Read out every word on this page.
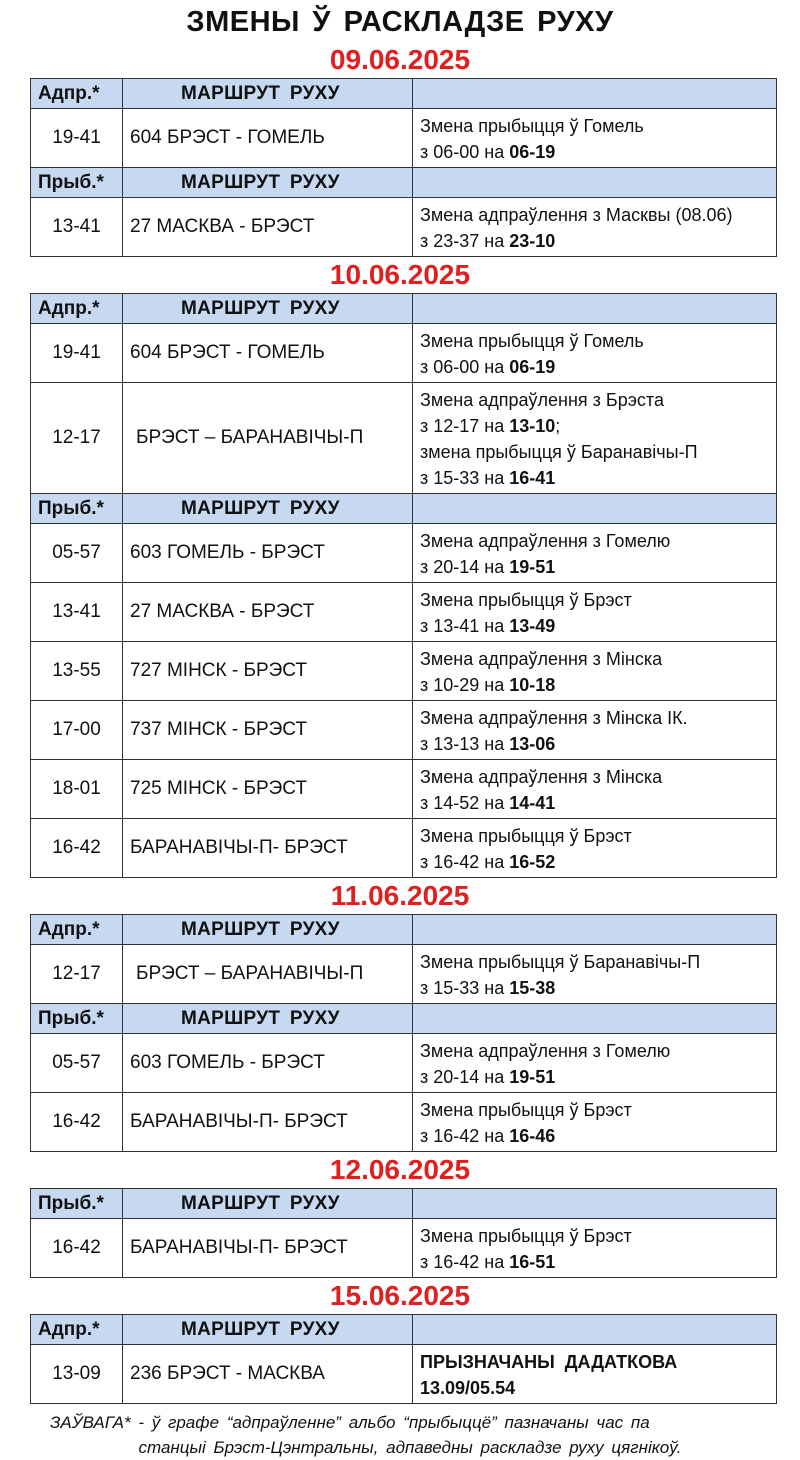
ЗМЕНЫ Ў РАСКЛАДЗЕ РУХУ
09.06.2025
Адпр.*	МАРШРУТ РУХУ	
19-41	604 БРЭСТ - ГОМЕЛЬ	Змена прыбыцця ў Гомель
з 06-00 на 06-19
Прыб.*	МАРШРУТ РУХУ	
13-41	27 МАСКВА - БРЭСТ	Змена адпраўлення з Масквы (08.06)
з 23-37 на 23-10
10.06.2025
Адпр.*	МАРШРУТ РУХУ	
19-41	604 БРЭСТ - ГОМЕЛЬ	Змена прыбыцця ў Гомель
з 06-00 на 06-19
12-17	БРЭСТ – БАРАНАВІЧЫ-П	Змена адпраўлення з Брэста
з 12-17 на 13-10;
змена прыбыцця ў Баранавічы-П
з 15-33 на 16-41
Прыб.*	МАРШРУТ РУХУ	
05-57	603 ГОМЕЛЬ - БРЭСТ	Змена адпраўлення з Гомелю
з 20-14 на 19-51
13-41	27 МАСКВА - БРЭСТ	Змена прыбыцця ў Брэст
з 13-41 на 13-49
13-55	727 МІНСК - БРЭСТ	Змена адпраўлення з Мінска
з 10-29 на 10-18
17-00	737 МІНСК - БРЭСТ	Змена адпраўлення з Мінска ІК.
з 13-13 на 13-06
18-01	725 МІНСК - БРЭСТ	Змена адпраўлення з Мінска
з 14-52 на 14-41
16-42	БАРАНАВІЧЫ-П- БРЭСТ	Змена прыбыцця ў Брэст
з 16-42 на 16-52
11.06.2025
Адпр.*	МАРШРУТ РУХУ	
12-17	БРЭСТ – БАРАНАВІЧЫ-П	Змена прыбыцця ў Баранавічы-П
з 15-33 на 15-38
Прыб.*	МАРШРУТ РУХУ	
05-57	603 ГОМЕЛЬ - БРЭСТ	Змена адпраўлення з Гомелю
з 20-14 на 19-51
16-42	БАРАНАВІЧЫ-П- БРЭСТ	Змена прыбыцця ў Брэст
з 16-42 на 16-46
12.06.2025
Прыб.*	МАРШРУТ РУХУ	
16-42	БАРАНАВІЧЫ-П- БРЭСТ	Змена прыбыцця ў Брэст
з 16-42 на 16-51
15.06.2025
Адпр.*	МАРШРУТ РУХУ	
13-09	236 БРЭСТ - МАСКВА	ПРЫЗНАЧАНЫ ДАДАТКОВА
13.09/05.54
ЗАЎВАГА* - ў графе “адпраўленне” альбо “прыбыццё” пазначаны час па
станцыі Брэст-Цэнтральны, адпаведны раскладзе руху цягнікоў.
